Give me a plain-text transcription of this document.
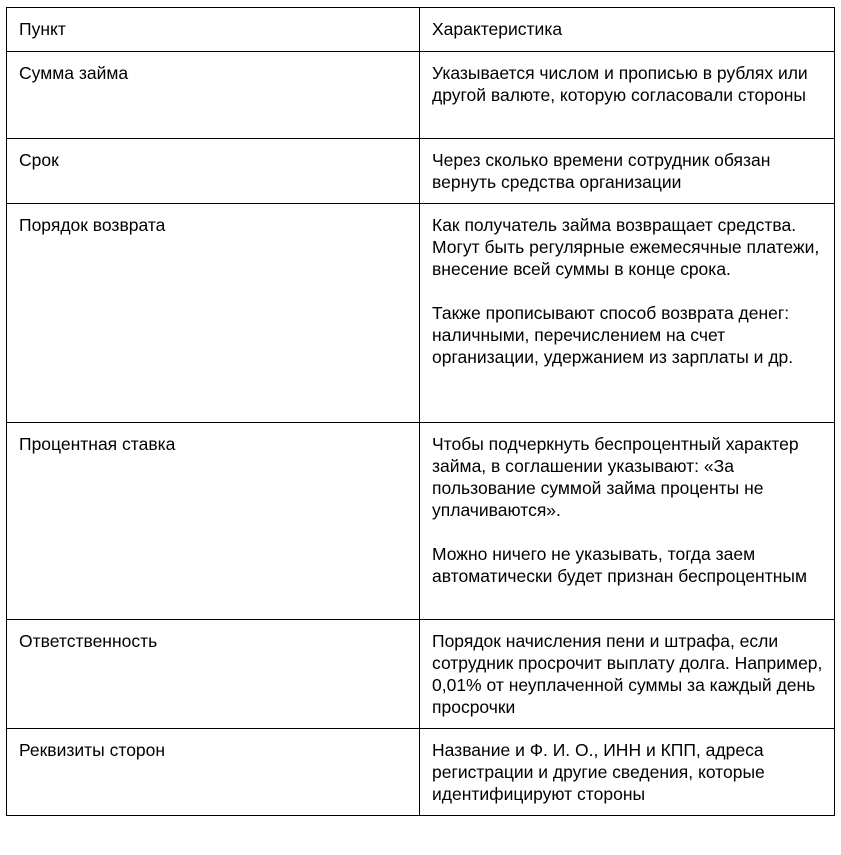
Пункт	Характеристика
Сумма займа	Указывается числом и прописью в рублях или другой валюте, которую согласовали стороны

Срок	Через сколько времени сотрудник обязан вернуть средства организации

Порядок возврата	Как получатель займа возвращает средства. Могут быть регулярные ежемесячные платежи, внесение всей суммы в конце срока.

Также прописывают способ возврата денег: наличными, перечислением на счет организации, удержанием из зарплаты и др.

Процентная ставка	Чтобы подчеркнуть беспроцентный характер займа, в соглашении указывают: «За пользование суммой займа проценты не уплачиваются».

Можно ничего не указывать, тогда заем автоматически будет признан беспроцентным

Ответственность	Порядок начисления пени и штрафа, если сотрудник просрочит выплату долга. Например, 0,01% от неуплаченной суммы за каждый день просрочки

Реквизиты сторон	Название и Ф. И. О., ИНН и КПП, адреса регистрации и другие сведения, которые идентифицируют стороны
